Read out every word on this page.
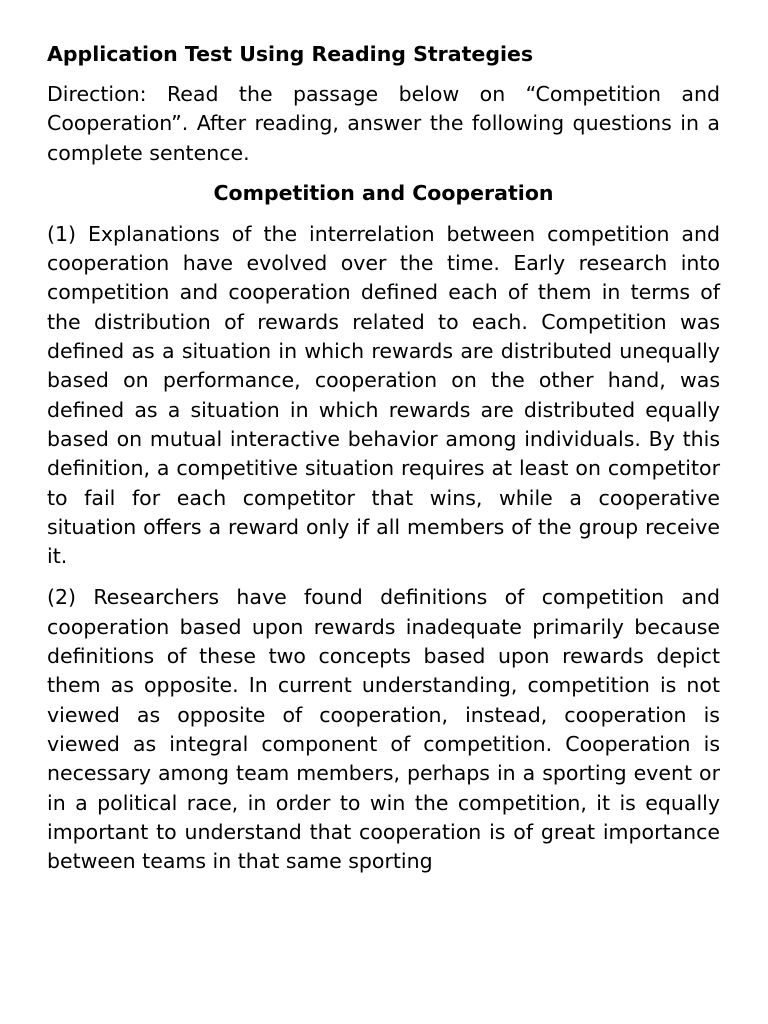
Application Test Using Reading Strategies

Direction: Read the passage below on “Competition and Cooperation”. After reading, answer the following questions in a complete sentence.

Competition and Cooperation

(1) Explanations of the interrelation between competition and cooperation have evolved over the time. Early research into competition and cooperation defined each of them in terms of the distribution of rewards related to each. Competition was defined as a situation in which rewards are distributed unequally based on performance, cooperation on the other hand, was defined as a situation in which rewards are distributed equally based on mutual interactive behavior among individuals. By this definition, a competitive situation requires at least on competitor to fail for each competitor that wins, while a cooperative situation offers a reward only if all members of the group receive it.

(2) Researchers have found definitions of competition and cooperation based upon rewards inadequate primarily because definitions of these two concepts based upon rewards depict them as opposite. In current understanding, competition is not viewed as opposite of cooperation, instead, cooperation is viewed as integral component of competition. Cooperation is necessary among team members, perhaps in a sporting event or in a political race, in order to win the competition, it is equally important to understand that cooperation is of great importance between teams in that same sporting
